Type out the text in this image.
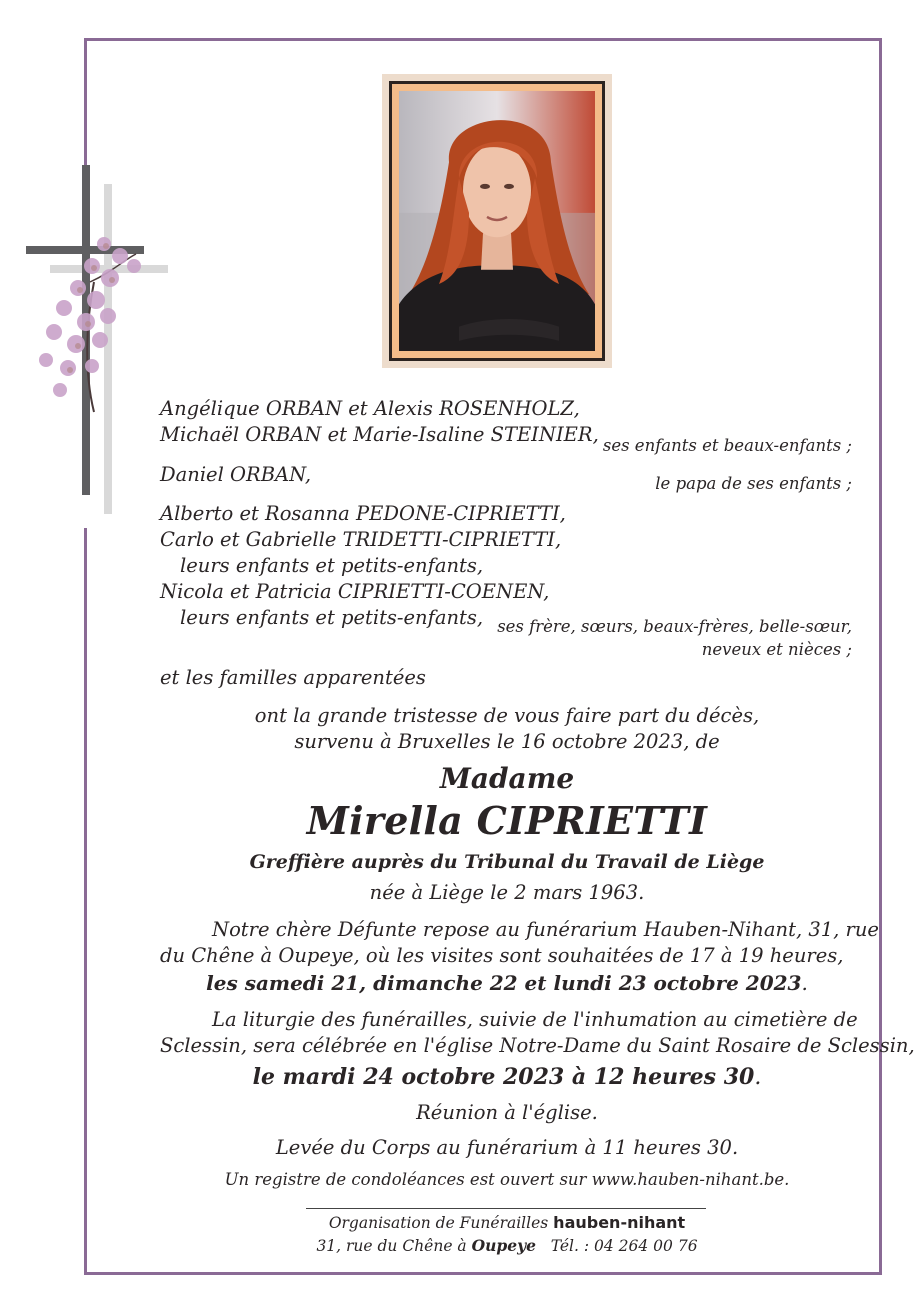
Angélique ORBAN et Alexis ROSENHOLZ,
Michaël ORBAN et Marie-Isaline STEINIER, ses enfants et beaux-enfants ;
Daniel ORBAN,	le papa de ses enfants ;
Alberto et Rosanna PEDONE-CIPRIETTI,
Carlo et Gabrielle TRIDETTI-CIPRIETTI,
leurs enfants et petits-enfants,
Nicola et Patricia CIPRIETTI-COENEN,
leurs enfants et petits-enfants, ses frère, sœurs, beaux-frères, belle-sœur,
neveux et nièces ;
et les familles apparentées
ont la grande tristesse de vous faire part du décès,
survenu à Bruxelles le 16 octobre 2023, de
Madame
Mirella CIPRIETTI
Greffière auprès du Tribunal du Travail de Liège
née à Liège le 2 mars 1963.
Notre chère Défunte repose au funérarium Hauben-Nihant, 31, rue
du Chêne à Oupeye, où les visites sont souhaitées de 17 à 19 heures,
les samedi 21, dimanche 22 et lundi 23 octobre 2023.
La liturgie des funérailles, suivie de l'inhumation au cimetière de
Sclessin, sera célébrée en l'église Notre-Dame du Saint Rosaire de Sclessin,
le mardi 24 octobre 2023 à 12 heures 30.
Réunion à l'église.
Levée du Corps au funérarium à 11 heures 30.
Un registre de condoléances est ouvert sur www.hauben-nihant.be.
Organisation de Funérailles hauben-nihant
31, rue du Chêne à Oupeye Tél. : 04 264 00 76
